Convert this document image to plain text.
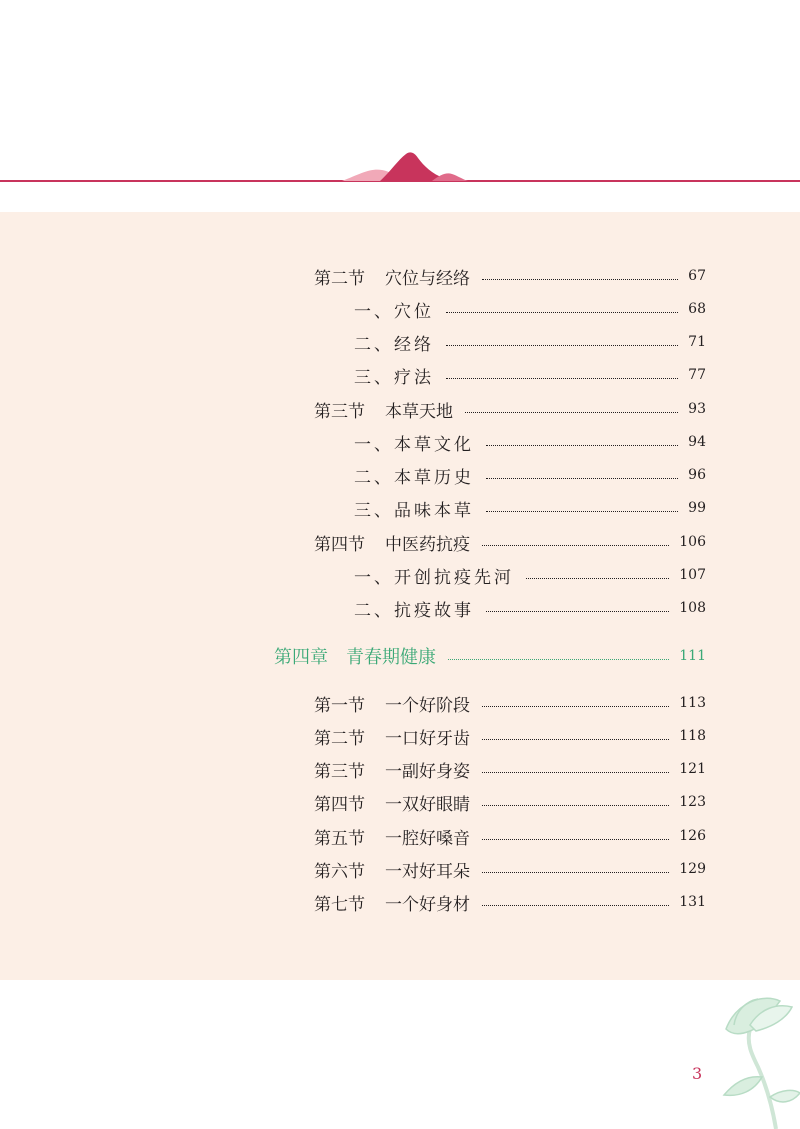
第二节 穴位与经络	67
一、穴位	68
二、经络	71
三、疗法	77
第三节 本草天地	93
一、本草文化	94
二、本草历史	96
三、品味本草	99
第四节 中医药抗疫	106
一、开创抗疫先河	107
二、抗疫故事	108
第四章 青春期健康	111
第一节 一个好阶段	113
第二节 一口好牙齿	118
第三节 一副好身姿	121
第四节 一双好眼睛	123
第五节 一腔好嗓音	126
第六节 一对好耳朵	129
第七节 一个好身材	131
3
